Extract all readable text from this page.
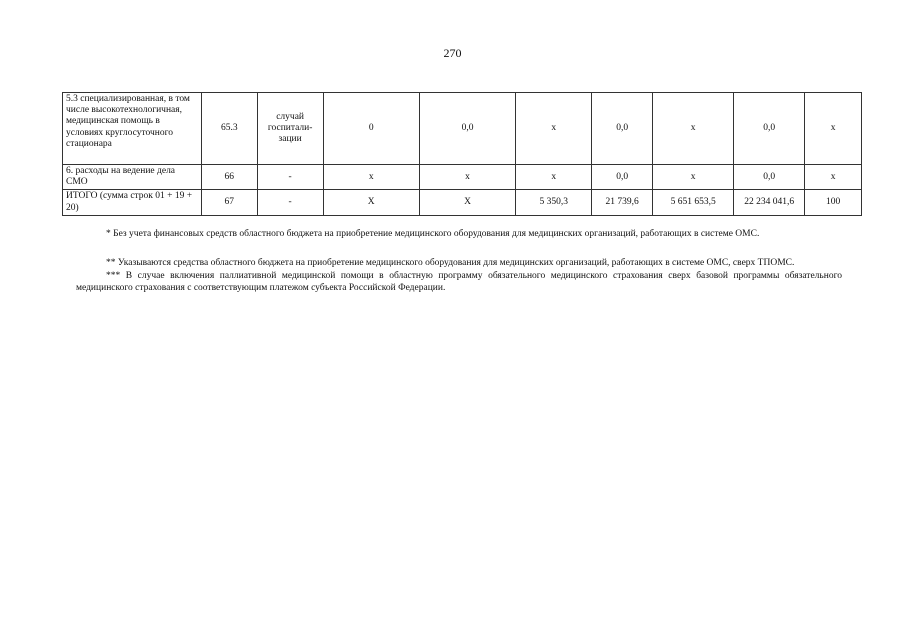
270
5.3 специализированная, в том числе высокотехнологичная, медицинская помощь в условиях круглосуточного стационара	65.3	случай госпитали-зации	0	0,0	x	0,0	x	0,0	x
6. расходы на ведение дела СМО	66	-	x	x	x	0,0	x	0,0	x
ИТОГО (сумма строк 01 + 19 + 20)	67	-	X	X	5 350,3	21 739,6	5 651 653,5	22 234 041,6	100

* Без учета финансовых средств областного бюджета на приобретение медицинского оборудования для медицинских организаций, работающих в системе ОМС.

** Указываются средства областного бюджета на приобретение медицинского оборудования для медицинских организаций, работающих в системе ОМС, сверх ТПОМС.

*** В случае включения паллиативной медицинской помощи в областную программу обязательного медицинского страхования сверх базовой программы обязательного медицинского страхования с соответствующим платежом субъекта Российской Федерации.
